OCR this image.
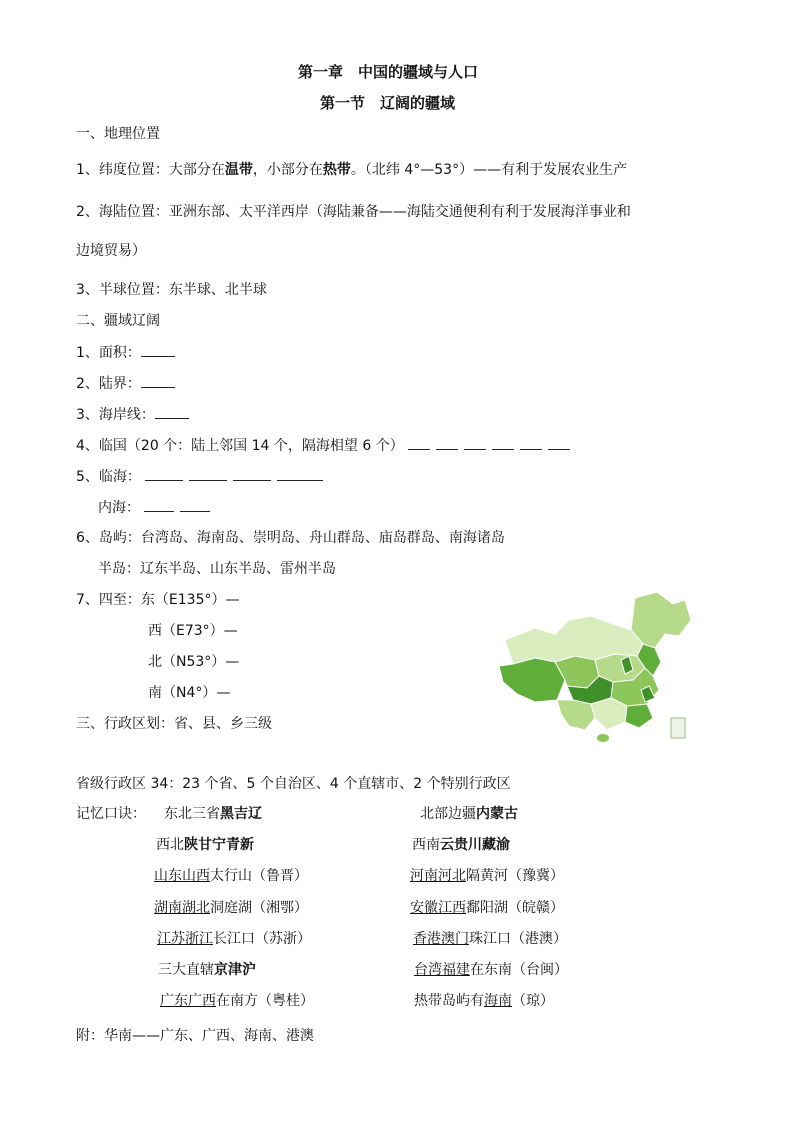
第一章　中国的疆域与人口
第一节　辽阔的疆域
一、地理位置
1、纬度位置：大部分在温带，小部分在热带。（北纬 4°—53°）——有利于发展农业生产
2、海陆位置：亚洲东部、太平洋西岸（海陆兼备——海陆交通便利有利于发展海洋事业和
边境贸易）
3、半球位置：东半球、北半球
二、疆域辽阔
1、面积：
2、陆界：
3、海岸线：
4、临国（20 个：陆上邻国 14 个，隔海相望 6 个）
5、临海：
内海：
6、岛屿：台湾岛、海南岛、崇明岛、舟山群岛、庙岛群岛、南海诸岛
半岛：辽东半岛、山东半岛、雷州半岛
7、四至：东（E135°）—
西（E73°）—
北（N53°）—
南（N4°）—
三、行政区划：省、县、乡三级
省级行政区 34：23 个省、5 个自治区、4 个直辖市、2 个特别行政区
记忆口诀： 东北三省黑吉辽	北部边疆内蒙古
西北陕甘宁青新	西南云贵川藏渝
山东山西太行山（鲁晋）	河南河北隔黄河（豫冀）
湖南湖北洞庭湖（湘鄂）	安徽江西鄱阳湖（皖赣）
江苏浙江长江口（苏浙）	香港澳门珠江口（港澳）
三大直辖京津沪	台湾福建在东南（台闽）
广东广西在南方（粤桂）	热带岛屿有海南（琼）
附：华南——广东、广西、海南、港澳
